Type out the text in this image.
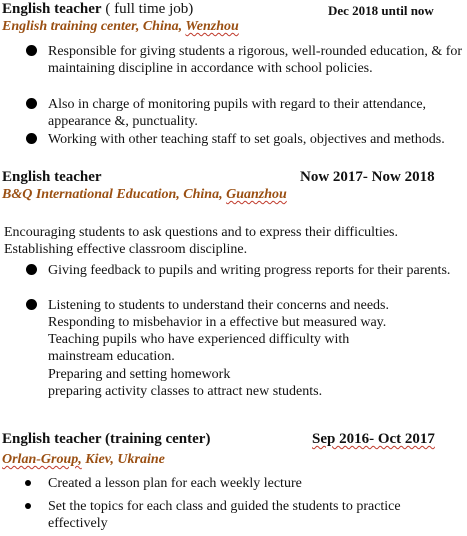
English teacher ( full time job)	Dec 2018 until now
English training center, China, Wenzhou
Responsible for giving students a rigorous, well-rounded education, & for maintaining discipline in accordance with school policies.
Also in charge of monitoring pupils with regard to their attendance, appearance &, punctuality.
Working with other teaching staff to set goals, objectives and methods.
English teacher	Now 2017- Now 2018
B&Q International Education, China, Guanzhou
Encouraging students to ask questions and to express their difficulties.
Establishing effective classroom discipline.
Giving feedback to pupils and writing progress reports for their parents.
Listening to students to understand their concerns and needs.
Responding to misbehavior in a effective but measured way.
Teaching pupils who have experienced difficulty with
mainstream education.
Preparing and setting homework
preparing activity classes to attract new students.
English teacher (training center)	Sep 2016- Oct 2017
Orlan-Group, Kiev, Ukraine
Created a lesson plan for each weekly lecture
Set the topics for each class and guided the students to practice effectively
